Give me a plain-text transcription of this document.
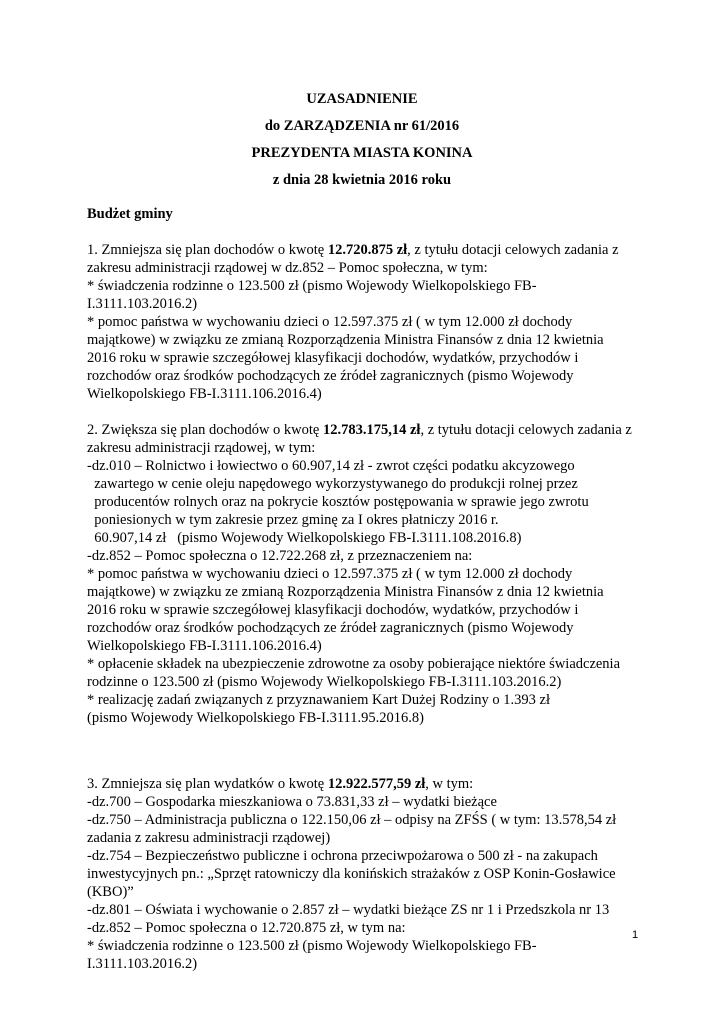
UZASADNIENIE
do ZARZĄDZENIA nr 61/2016
PREZYDENTA MIASTA KONINA
z dnia 28 kwietnia 2016 roku
Budżet gminy
1. Zmniejsza się plan dochodów o kwotę 12.720.875 zł, z tytułu dotacji celowych zadania z
zakresu administracji rządowej w dz.852 – Pomoc społeczna, w tym:
* świadczenia rodzinne o 123.500 zł (pismo Wojewody Wielkopolskiego FB-
I.3111.103.2016.2)
* pomoc państwa w wychowaniu dzieci o 12.597.375 zł ( w tym 12.000 zł dochody
majątkowe) w związku ze zmianą Rozporządzenia Ministra Finansów z dnia 12 kwietnia
2016 roku w sprawie szczegółowej klasyfikacji dochodów, wydatków, przychodów i
rozchodów oraz środków pochodzących ze źródeł zagranicznych (pismo Wojewody
Wielkopolskiego FB-I.3111.106.2016.4)
2. Zwiększa się plan dochodów o kwotę 12.783.175,14 zł, z tytułu dotacji celowych zadania z
zakresu administracji rządowej, w tym:
-dz.010 – Rolnictwo i łowiectwo o 60.907,14 zł - zwrot części podatku akcyzowego
zawartego w cenie oleju napędowego wykorzystywanego do produkcji rolnej przez
producentów rolnych oraz na pokrycie kosztów postępowania w sprawie jego zwrotu
poniesionych w tym zakresie przez gminę za I okres płatniczy 2016 r.
60.907,14 zł   (pismo Wojewody Wielkopolskiego FB-I.3111.108.2016.8)
-dz.852 – Pomoc społeczna o 12.722.268 zł, z przeznaczeniem na:
* pomoc państwa w wychowaniu dzieci o 12.597.375 zł ( w tym 12.000 zł dochody
majątkowe) w związku ze zmianą Rozporządzenia Ministra Finansów z dnia 12 kwietnia
2016 roku w sprawie szczegółowej klasyfikacji dochodów, wydatków, przychodów i
rozchodów oraz środków pochodzących ze źródeł zagranicznych (pismo Wojewody
Wielkopolskiego FB-I.3111.106.2016.4)
* opłacenie składek na ubezpieczenie zdrowotne za osoby pobierające niektóre świadczenia
rodzinne o 123.500 zł (pismo Wojewody Wielkopolskiego FB-I.3111.103.2016.2)
* realizację zadań związanych z przyznawaniem Kart Dużej Rodziny o 1.393 zł
(pismo Wojewody Wielkopolskiego FB-I.3111.95.2016.8)
3. Zmniejsza się plan wydatków o kwotę 12.922.577,59 zł, w tym:
-dz.700 – Gospodarka mieszkaniowa o 73.831,33 zł – wydatki bieżące
-dz.750 – Administracja publiczna o 122.150,06 zł – odpisy na ZFŚS ( w tym: 13.578,54 zł
zadania z zakresu administracji rządowej)
-dz.754 – Bezpieczeństwo publiczne i ochrona przeciwpożarowa o 500 zł - na zakupach
inwestycyjnych pn.: „Sprzęt ratowniczy dla konińskich strażaków z OSP Konin-Gosławice
(KBO)”
-dz.801 – Oświata i wychowanie o 2.857 zł – wydatki bieżące ZS nr 1 i Przedszkola nr 13
-dz.852 – Pomoc społeczna o 12.720.875 zł, w tym na:
* świadczenia rodzinne o 123.500 zł (pismo Wojewody Wielkopolskiego FB-
I.3111.103.2016.2)
1
